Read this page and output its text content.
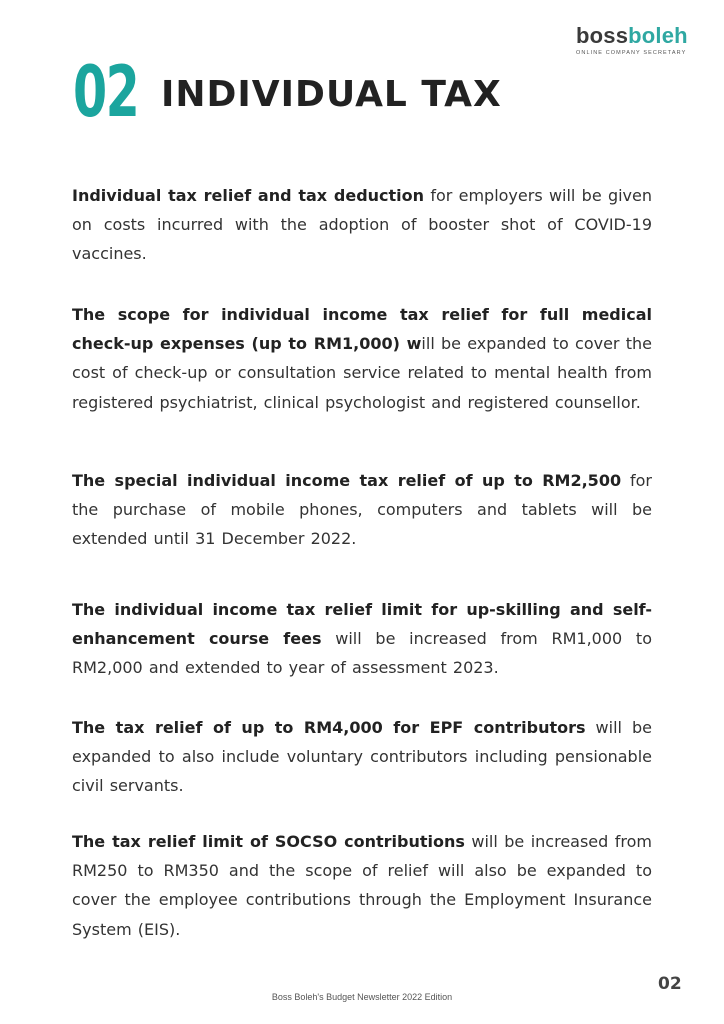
bossboleh
ONLINE COMPANY SECRETARY
02 INDIVIDUAL TAX

Individual tax relief and tax deduction for employers will be given on costs incurred with the adoption of booster shot of COVID-19 vaccines.

The scope for individual income tax relief for full medical check-up expenses (up to RM1,000) will be expanded to cover the cost of check-up or consultation service related to mental health from registered psychiatrist, clinical psychologist and registered counsellor.

The special individual income tax relief of up to RM2,500 for the purchase of mobile phones, computers and tablets will be extended until 31 December 2022.

The individual income tax relief limit for up-skilling and self-enhancement course fees will be increased from RM1,000 to RM2,000 and extended to year of assessment 2023.

The tax relief of up to RM4,000 for EPF contributors will be expanded to also include voluntary contributors including pensionable civil servants.

The tax relief limit of SOCSO contributions will be increased from RM250 to RM350 and the scope of relief will also be expanded to cover the employee contributions through the Employment Insurance System (EIS).

Boss Boleh's Budget Newsletter 2022 Edition
02
